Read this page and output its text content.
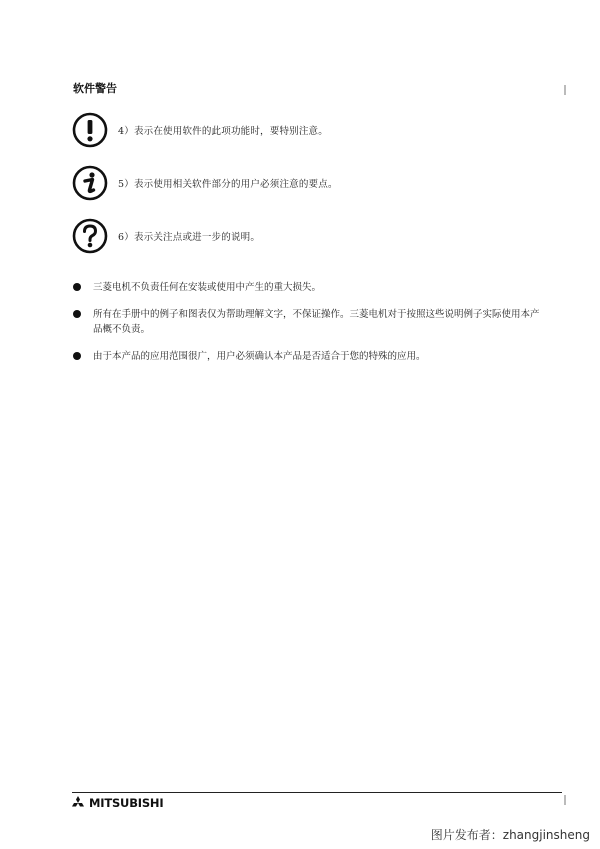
软件警告
4）表示在使用软件的此项功能时，要特别注意。
5）表示使用相关软件部分的用户必须注意的要点。
6）表示关注点或进一步的说明。
三菱电机不负责任何在安装或使用中产生的重大损失。
所有在手册中的例子和图表仅为帮助理解文字，不保证操作。三菱电机对于按照这些说明例子实际使用本产品概不负责。
由于本产品的应用范围很广，用户必须确认本产品是否适合于您的特殊的应用。
MITSUBISHI
图片发布者：zhangjinsheng
